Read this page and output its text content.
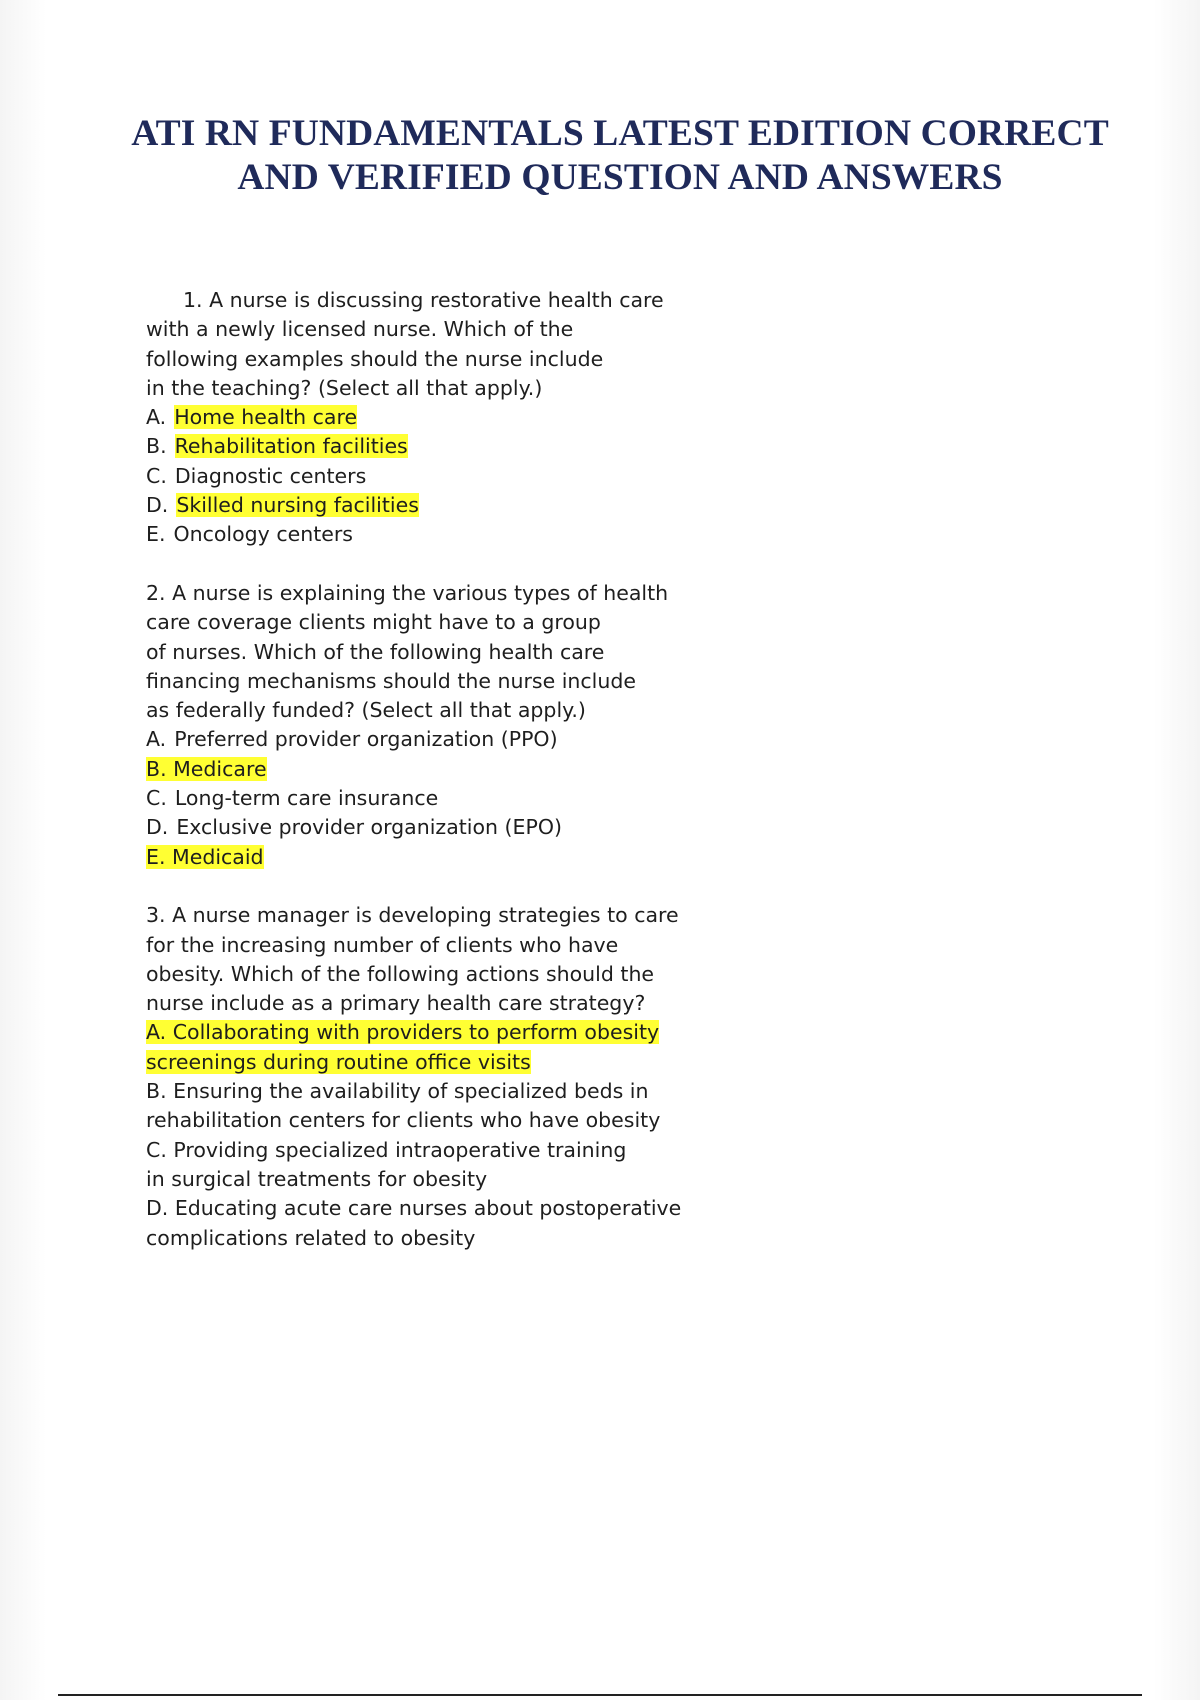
ATI RN FUNDAMENTALS LATEST EDITION CORRECT
AND VERIFIED QUESTION AND ANSWERS
1. A nurse is discussing restorative health care
with a newly licensed nurse. Which of the
following examples should the nurse include
in the teaching? (Select all that apply.)
A. Home health care
B. Rehabilitation facilities
C. Diagnostic centers
D. Skilled nursing facilities
E. Oncology centers
2. A nurse is explaining the various types of health
care coverage clients might have to a group
of nurses. Which of the following health care
financing mechanisms should the nurse include
as federally funded? (Select all that apply.)
A. Preferred provider organization (PPO)
B. Medicare
C. Long-term care insurance
D. Exclusive provider organization (EPO)
E. Medicaid
3. A nurse manager is developing strategies to care
for the increasing number of clients who have
obesity. Which of the following actions should the
nurse include as a primary health care strategy?
A. Collaborating with providers to perform obesity
screenings during routine office visits
B. Ensuring the availability of specialized beds in
rehabilitation centers for clients who have obesity
C. Providing specialized intraoperative training
in surgical treatments for obesity
D. Educating acute care nurses about postoperative
complications related to obesity
